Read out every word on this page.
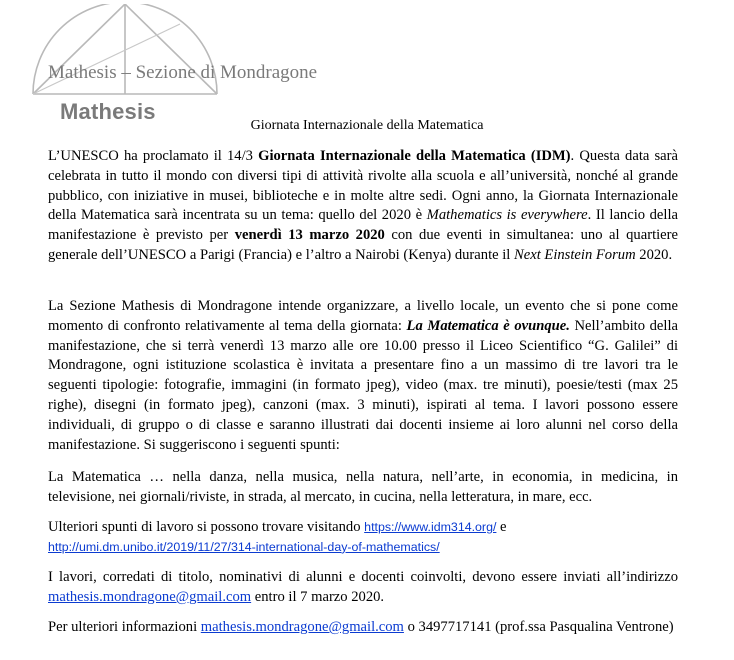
Mathesis – Sezione di Mondragone
Mathesis
Giornata Internazionale della Matematica
L’UNESCO ha proclamato il 14/3 Giornata Internazionale della Matematica (IDM). Questa data sarà celebrata in tutto il mondo con diversi tipi di attività rivolte alla scuola e all’università, nonché al grande pubblico, con iniziative in musei, biblioteche e in molte altre sedi. Ogni anno, la Giornata Internazionale della Matematica sarà incentrata su un tema: quello del 2020 è Mathematics is everywhere. Il lancio della manifestazione è previsto per venerdì 13 marzo 2020 con due eventi in simultanea: uno al quartiere generale dell’UNESCO a Parigi (Francia) e l’altro a Nairobi (Kenya) durante il Next Einstein Forum 2020.
La Sezione Mathesis di Mondragone intende organizzare, a livello locale, un evento che si pone come momento di confronto relativamente al tema della giornata: La Matematica è ovunque. Nell’ambito della manifestazione, che si terrà venerdì 13 marzo alle ore 10.00 presso il Liceo Scientifico “G. Galilei” di Mondragone, ogni istituzione scolastica è invitata a presentare fino a un massimo di tre lavori tra le seguenti tipologie: fotografie, immagini (in formato jpeg), video (max. tre minuti), poesie/testi (max 25 righe), disegni (in formato jpeg), canzoni (max. 3 minuti), ispirati al tema. I lavori possono essere individuali, di gruppo o di classe e saranno illustrati dai docenti insieme ai loro alunni nel corso della manifestazione. Si suggeriscono i seguenti spunti:
La Matematica … nella danza, nella musica, nella natura, nell’arte, in economia, in medicina, in televisione, nei giornali/riviste, in strada, al mercato, in cucina, nella letteratura, in mare, ecc.
Ulteriori spunti di lavoro si possono trovare visitando https://www.idm314.org/ e
http://umi.dm.unibo.it/2019/11/27/314-international-day-of-mathematics/
I lavori, corredati di titolo, nominativi di alunni e docenti coinvolti, devono essere inviati all’indirizzo mathesis.mondragone@gmail.com entro il 7 marzo 2020.
Per ulteriori informazioni mathesis.mondragone@gmail.com o 3497717141 (prof.ssa Pasqualina Ventrone)
